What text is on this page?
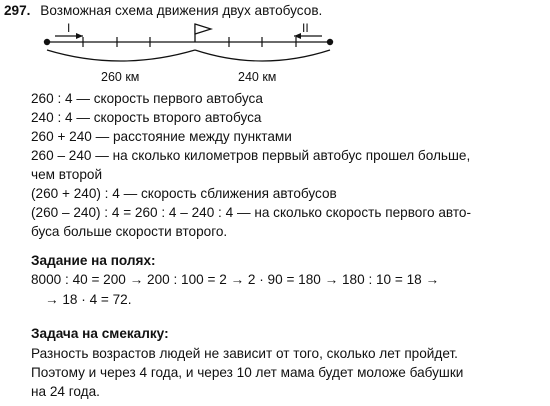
297. Возможная схема движения двух автобусов.
I	II
260 км	240 км
260 : 4 — скорость первого автобуса
240 : 4 — скорость второго автобуса
260 + 240 — расстояние между пунктами
260 – 240 — на сколько километров первый автобус прошел больше,
чем второй
(260 + 240) : 4 — скорость сближения автобусов
(260 – 240) : 4 = 260 : 4 – 240 : 4 — на сколько скорость первого авто-
буса больше скорости второго.
Задание на полях:
8000 : 40 = 200 → 200 : 100 = 2 → 2 · 90 = 180 → 180 : 10 = 18 →
→ 18 · 4 = 72.
Задача на смекалку:
Разность возрастов людей не зависит от того, сколько лет пройдет.
Поэтому и через 4 года, и через 10 лет мама будет моложе бабушки
на 24 года.
